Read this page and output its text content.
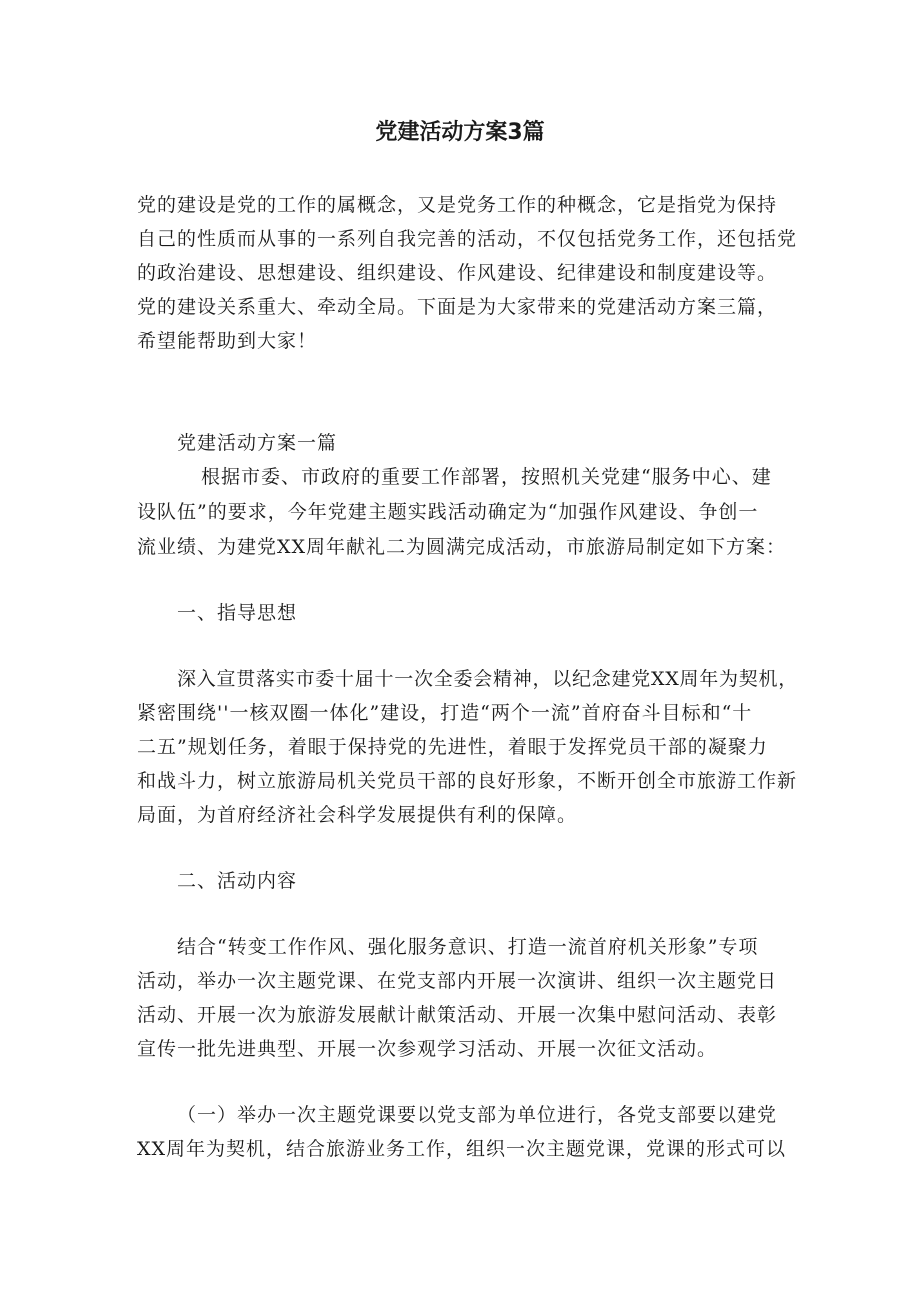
党建活动方案3篇
党的建设是党的工作的属概念，又是党务工作的种概念，它是指党为保持
自己的性质而从事的一系列自我完善的活动，不仅包括党务工作，还包括党
的政治建设、思想建设、组织建设、作风建设、纪律建设和制度建设等。
党的建设关系重大、牵动全局。下面是为大家带来的党建活动方案三篇，
希望能帮助到大家！
党建活动方案一篇
根据市委、市政府的重要工作部署，按照机关党建“服务中心、建
设队伍”的要求，今年党建主题实践活动确定为“加强作风建设、争创一
流业绩、为建党XX周年献礼二为圆满完成活动，市旅游局制定如下方案：
一、指导思想
深入宣贯落实市委十届十一次全委会精神，以纪念建党XX周年为契机，
紧密围绕''一核双圈一体化”建设，打造“两个一流”首府奋斗目标和“十
二五”规划任务，着眼于保持党的先进性，着眼于发挥党员干部的凝聚力
和战斗力，树立旅游局机关党员干部的良好形象，不断开创全市旅游工作新
局面，为首府经济社会科学发展提供有利的保障。
二、活动内容
结合“转变工作作风、强化服务意识、打造一流首府机关形象”专项
活动，举办一次主题党课、在党支部内开展一次演讲、组织一次主题党日
活动、开展一次为旅游发展献计献策活动、开展一次集中慰问活动、表彰
宣传一批先进典型、开展一次参观学习活动、开展一次征文活动。
（一）举办一次主题党课要以党支部为单位进行，各党支部要以建党
XX周年为契机，结合旅游业务工作，组织一次主题党课，党课的形式可以
